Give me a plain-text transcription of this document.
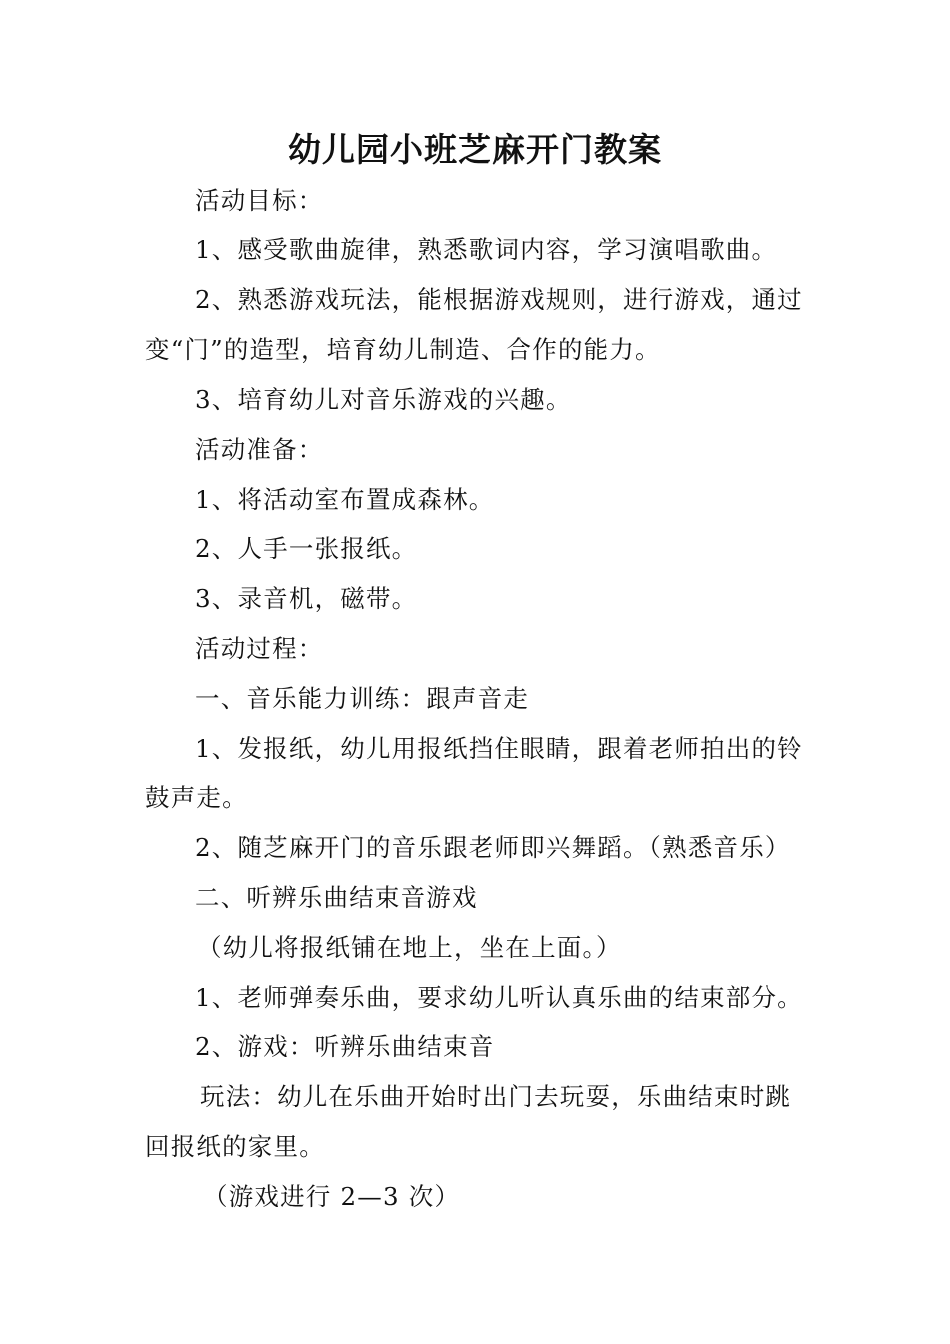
幼儿园小班芝麻开门教案
活动目标：
1、感受歌曲旋律，熟悉歌词内容，学习演唱歌曲。
2、熟悉游戏玩法，能根据游戏规则，进行游戏，通过
变“门”的造型，培育幼儿制造、合作的能力。
3、培育幼儿对音乐游戏的兴趣。
活动准备：
1、将活动室布置成森林。
2、人手一张报纸。
3、录音机，磁带。
活动过程：
一、音乐能力训练：跟声音走
1、发报纸，幼儿用报纸挡住眼睛，跟着老师拍出的铃
鼓声走。
2、随芝麻开门的音乐跟老师即兴舞蹈。（熟悉音乐）
二、听辨乐曲结束音游戏
（幼儿将报纸铺在地上，坐在上面。）
1、老师弹奏乐曲，要求幼儿听认真乐曲的结束部分。
2、游戏：听辨乐曲结束音
玩法：幼儿在乐曲开始时出门去玩耍，乐曲结束时跳
回报纸的家里。
（游戏进行 2—3 次）
